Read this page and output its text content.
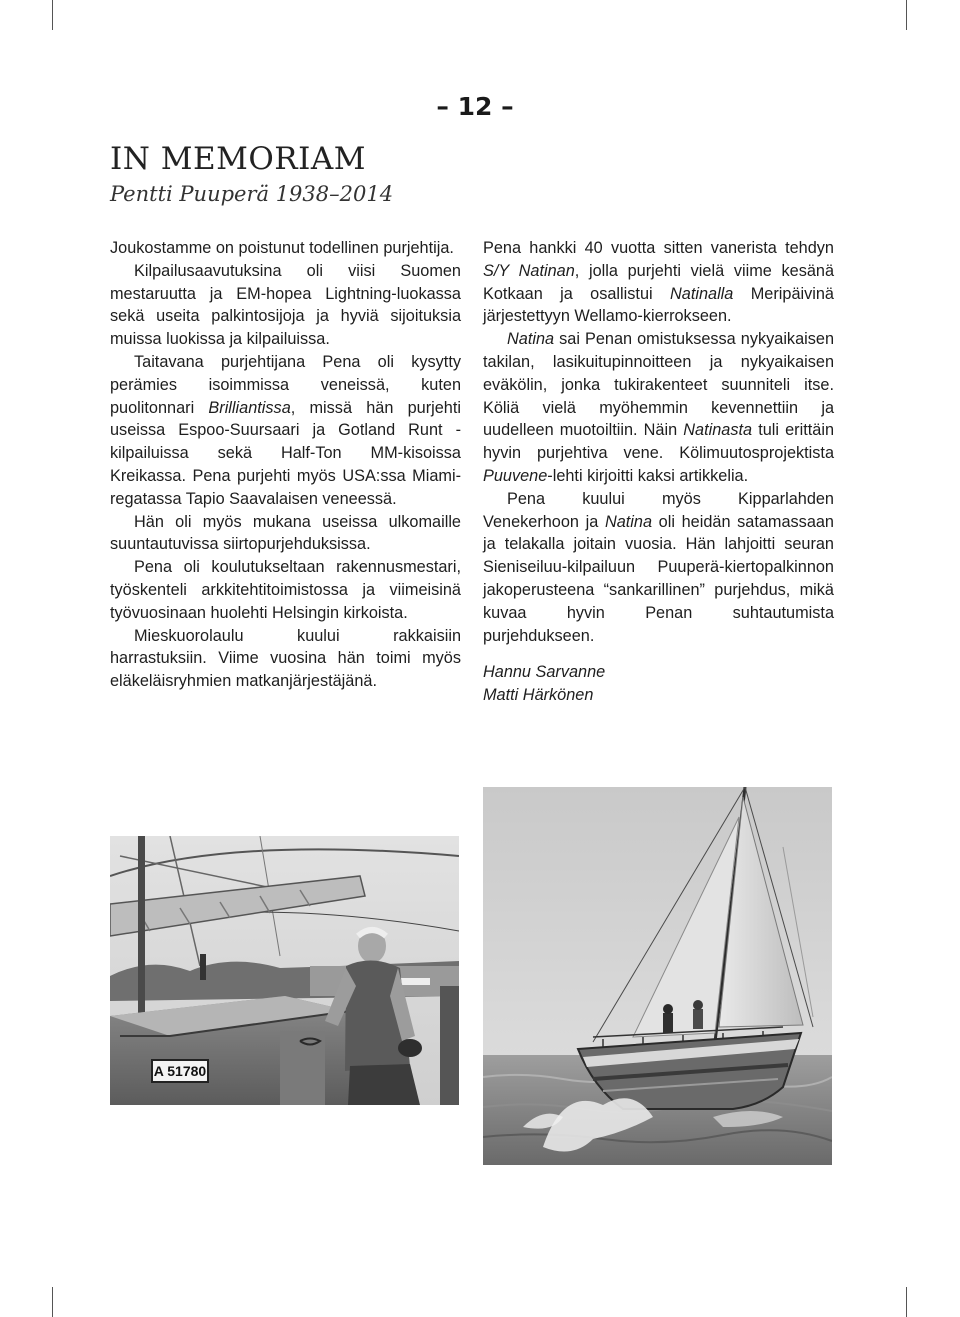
– 12 –
IN MEMORIAM
Pentti Puuperä 1938–2014

Joukostamme on poistunut todellinen purjehtija.

Kilpailusaavutuksina oli viisi Suomen mestaruutta ja EM-hopea Lightning-luokassa sekä useita palkintosijoja ja hyviä sijoituksia muissa luokissa ja kilpailuissa.

Taitavana purjehtijana Pena oli kysytty perämies isoimmissa veneissä, kuten puolitonnari Brilliantissa, missä hän purjehti useissa Espoo-Suursaari ja Gotland Runt -kilpailuissa sekä Half-Ton MM-kisoissa Kreikassa. Pena purjehti myös USA:ssa Miami-regatassa Tapio Saavalaisen veneessä.

Hän oli myös mukana useissa ulkomaille suuntautuvissa siirtopurjehduksissa.

Pena oli koulutukseltaan rakennusmestari, työskenteli arkkitehtitoimistossa ja viimeisinä työvuosinaan huolehti Helsingin kirkoista.

Mieskuorolaulu kuului rakkaisiin harrastuksiin. Viime vuosina hän toimi myös eläkeläisryhmien matkanjärjestäjänä.

Pena hankki 40 vuotta sitten vanerista tehdyn S/Y Natinan, jolla purjehti vielä viime kesänä Kotkaan ja osallistui Natinalla Meripäivinä järjestettyyn Wellamo-kierrokseen.

Natina sai Penan omistuksessa nykyaikaisen takilan, lasikuitupinnoitteen ja nykyaikaisen eväkölin, jonka tukirakenteet suunniteli itse. Köliä vielä myöhemmin kevennettiin ja uudelleen muotoiltiin. Näin Natinasta tuli erittäin hyvin purjehtiva vene. Kölimuutosprojektista Puuvene-lehti kirjoitti kaksi artikkelia.

Pena kuului myös Kipparlahden Venekerhoon ja Natina oli heidän satamassaan ja telakalla joitain vuosia. Hän lahjoitti seuran Sieniseiluu-kilpailuun Puuperä-kiertopalkinnon jakoperusteena “sankarillinen” purjehdus, mikä kuvaa hyvin Penan suhtautumista purjehdukseen.

Hannu Sarvanne
Matti Härkönen
A 51780
